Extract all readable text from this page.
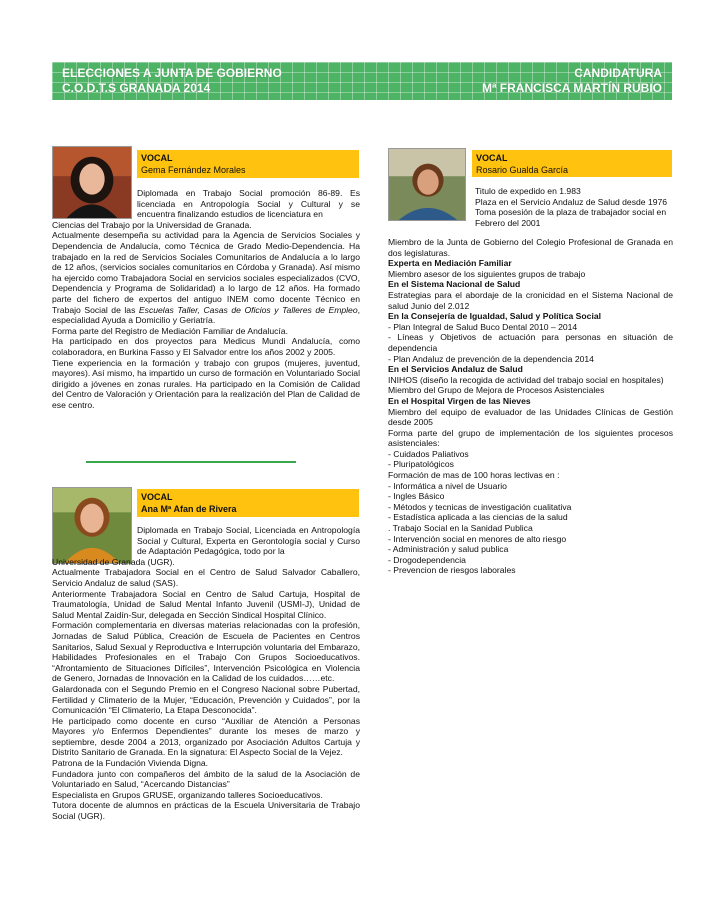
ELECCIONES A JUNTA DE GOBIERNO
C.O.D.T.S GRANADA 2014
CANDIDATURA
Mª FRANCISCA MARTÍN RUBIO
VOCAL
Gema Fernández Morales

Diplomada en Trabajo Social promoción 86-89. Es licenciada en Antropología Social y Cultural y se encuentra finalizando estudios de licenciatura en

Ciencias del Trabajo por la Universidad de Granada.

Actualmente desempeña su actividad para la Agencia de Servicios Sociales y Dependencia de Andalucía, como Técnica de Grado Medio-Dependencia. Ha trabajado en la red de Servicios Sociales Comunitarios de Andalucía a lo largo de 12 años, (servicios sociales comunitarios en Córdoba y Granada). Así mismo ha ejercido como Trabajadora Social en servicios sociales especializados (CVO, Dependencia y Programa de Solidaridad) a lo largo de 12 años. Ha formado parte del fichero de expertos del antiguo INEM como docente Técnico en Trabajo Social de las Escuelas Taller, Casas de Oficios y Talleres de Empleo, especialidad Ayuda a Domicilio y Geriatría.

Forma parte del Registro de Mediación Familiar de Andalucía.

Ha participado en dos proyectos para Medicus Mundi Andalucía, como colaboradora, en Burkina Fasso y El Salvador entre los años 2002 y 2005.

Tiene experiencia en la formación y trabajo con grupos (mujeres, juventud, mayores). Así mismo, ha impartido un curso de formación en Voluntariado Social dirigido a jóvenes en zonas rurales. Ha participado en la Comisión de Calidad del Centro de Valoración y Orientación para la realización del Plan de Calidad de ese centro.

VOCAL
Ana Mª Afan de Rivera

Diplomada en Trabajo Social, Licenciada en Antropología Social y Cultural, Experta en Gerontología social y Curso de Adaptación Pedagógica, todo por la

Universidad de Granada (UGR).

Actualmente Trabajadora Social en el Centro de Salud Salvador Caballero, Servicio Andaluz de salud (SAS).

Anteriormente Trabajadora Social en Centro de Salud Cartuja, Hospital de Traumatología, Unidad de Salud Mental Infanto Juvenil (USMI-J), Unidad de Salud Mental Zaidín-Sur, delegada en Sección Sindical Hospital Clínico.

Formación complementaria en diversas materias relacionadas con la profesión, Jornadas de Salud Pública, Creación de Escuela de Pacientes en Centros Sanitarios, Salud Sexual y Reproductiva e Interrupción voluntaria del Embarazo, Habilidades Profesionales en el Trabajo Con Grupos Socioeducativos. “Afrontamiento de Situaciones Difíciles”, Intervención Psicológica en Violencia de Genero, Jornadas de Innovación en la Calidad de los cuidados……etc.

Galardonada con el Segundo Premio en el Congreso Nacional sobre Pubertad, Fertilidad y Climaterio de la Mujer, “Educación, Prevención y Cuidados”, por la Comunicación “El Climaterio, La Etapa Desconocida”.

He participado como docente en curso “Auxiliar de Atención a Personas Mayores y/o Enfermos Dependientes” durante los meses de marzo y septiembre, desde 2004 a 2013, organizado por Asociación Adultos Cartuja y Distrito Sanitario de Granada. En la signatura: El Aspecto Social de la Vejez.

Patrona de la Fundación Vivienda Digna.

Fundadora junto con compañeros del ámbito de la salud de la Asociación de Voluntariado en Salud, “Acercando Distancias”

Especialista en Grupos GRUSE, organizando talleres Socioeducativos.

Tutora docente de alumnos en prácticas de la Escuela Universitaria de Trabajo Social (UGR).

VOCAL
Rosario Gualda García

Titulo de expedido en 1.983

Plaza en el Servicio Andaluz de Salud desde 1976

Toma posesión de la plaza de trabajador social en Febrero del 2001

Miembro de la Junta de Gobierno del Colegio Profesional de Granada en dos legislaturas.

Experta en Mediación Familiar

Miembro asesor de los siguientes grupos de trabajo

En el Sistema Nacional de Salud

Estrategias para el abordaje de la cronicidad en el Sistema Nacional de salud Junio del 2.012

En la Consejería de Igualdad, Salud y Política Social

- Plan Integral de Salud Buco Dental 2010 – 2014

- Líneas y Objetivos de actuación para personas en situación de dependencia

- Plan Andaluz de prevención de la dependencia 2014

En el Servicios Andaluz de Salud

INIHOS (diseño la recogida de actividad del trabajo social en hospitales)

Miembro del Grupo de Mejora de Procesos Asistenciales

En el Hospital Virgen de las Nieves

Miembro del equipo de evaluador de las Unidades Clínicas de Gestión desde 2005

Forma parte del grupo de implementación de los siguientes procesos asistenciales:

- Cuidados Paliativos

- Pluripatológicos

Formación de mas de 100 horas lectivas en :

- Informática a nivel de Usuario

- Ingles Básico

- Métodos y tecnicas de investigación cualitativa

- Estadística aplicada a las ciencias de la salud

. Trabajo Social en la Sanidad Publica

- Intervención social en menores de alto riesgo

- Administración y salud publica

- Drogodependencia

- Prevencion de riesgos laborales
